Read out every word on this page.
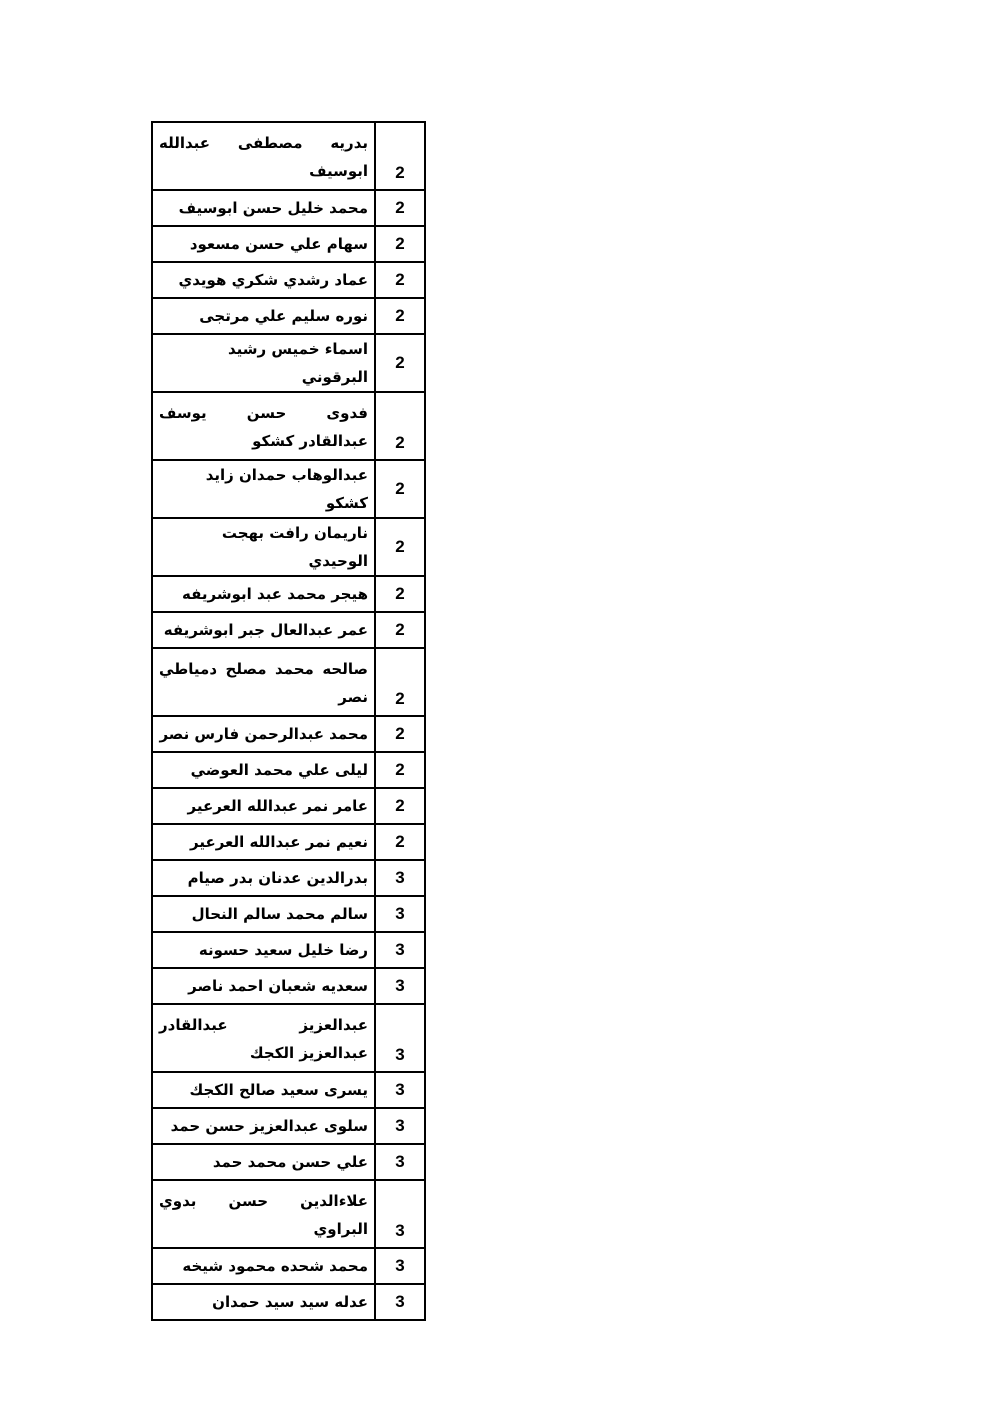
بدريه مصطفى عبدالله ابوسيف	2

محمد خليل حسن ابوسيف	2

سهام علي حسن مسعود	2

عماد رشدي شكري هويدي	2

نوره سليم علي مرتجى	2

اسماء خميس رشيد البرقوني	2

فدوى حسن يوسف عبدالقادر كشكو	2

عبدالوهاب حمدان زايد كشكو	2

ناريمان رافت بهجت الوحيدي	2

هيجر محمد عبد ابوشريفه	2

عمر عبدالعال جبر ابوشريفه	2

صالحه محمد مصلح دمياطي نصر	2

محمد عبدالرحمن فارس نصر	2

ليلى علي محمد العوضي	2

عامر نمر عبدالله العرعير	2

نعيم نمر عبدالله العرعير	2

بدرالدين عدنان بدر صيام	3

سالم محمد سالم النحال	3

رضا خليل سعيد حسونه	3

سعديه شعبان احمد ناصر	3

عبدالعزيز عبدالقادر عبدالعزيز الكجك	3

يسرى سعيد صالح الكجك	3

سلوى عبدالعزيز حسن حمد	3

علي حسن محمد حمد	3

علاءالدين حسن بدوي البراوي	3

محمد شحده محمود شيخه	3

عدله سيد سيد حمدان	3
